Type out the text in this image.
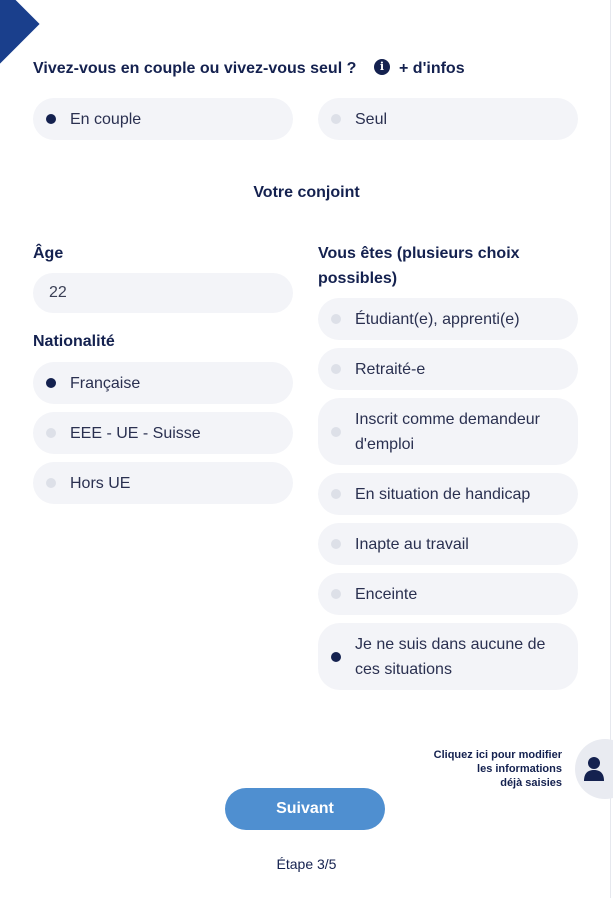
Vivez-vous en couple ou vivez-vous seul ?	i + d'infos
En couple	Seul
Votre conjoint
Âge
22
Nationalité
Française
EEE - UE - Suisse
Hors UE
Vous êtes (plusieurs choix
possibles)
Étudiant(e), apprenti(e)
Retraité-e
Inscrit comme demandeur
d'emploi
En situation de handicap
Inapte au travail
Enceinte
Je ne suis dans aucune de
ces situations
Cliquez ici pour modifier
les informations
déjà saisies
Suivant
Étape 3/5
